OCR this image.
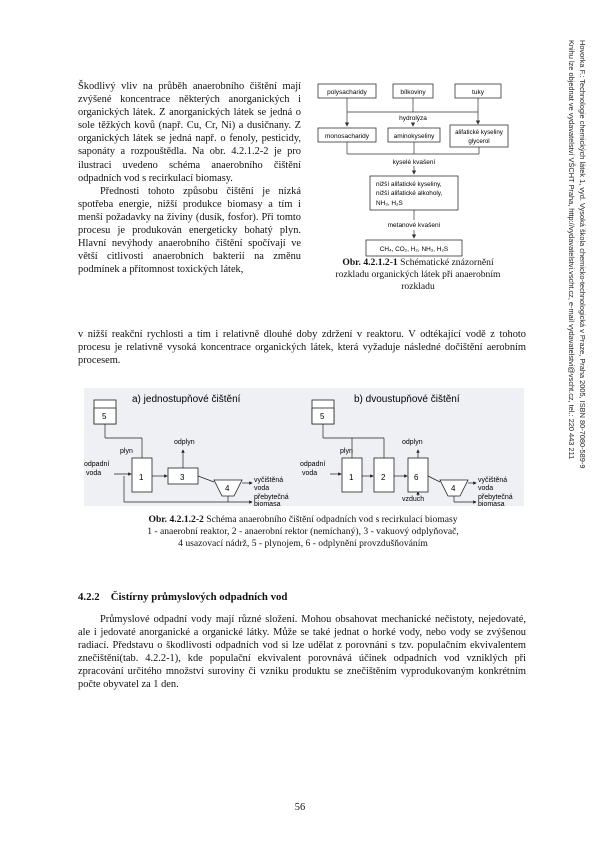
Hovorka F.: Technologie chemických látek 1, vyd. Vysoká škola chemicko-technologická v Praze, Praha 2005, ISBN 80-7080-589-9
Knihu lze objednat ve vydavatelství VŠCHT Praha, http://vydavatelstvi.vscht.cz, e-mail vydavatelstvi@vscht.cz, tel.: 220 443 211

Škodlivý vliv na průběh anaerobního čištění mají zvýšené koncentrace některých anorganických i organických látek. Z anorganických látek se jedná o sole těžkých kovů (např. Cu, Cr, Ni) a dusičnany. Z organických látek se jedná např. o fenoly, pesticidy, saponáty a rozpouštědla. Na obr. 4.2.1.2-2 je pro ilustraci uvedeno schéma anaerobního čištění odpadních vod s recirkulací biomasy.

Přednosti tohoto způsobu čištění je nízká spotřeba energie, nižší produkce biomasy a tím i menší požadavky na živiny (dusík, fosfor). Při tomto procesu je produkován energeticky bohatý plyn. Hlavní nevýhody anaerobního čištění spočívají ve větší citlivosti anaerobních bakterií na změnu podmínek a přítomnost toxických látek,

polysacharidy	bílkoviny	tuky
hydrolýza
monosacharidy	aminokyseliny
alifatické kyseliny
glycerol
kyselé kvašení
nižší alifatické kyseliny,
nižší alifatické alkoholy,
NH₃, H₂S
metanové kvašení
CH₄, CO₂, H₂, NH₃, H₂S
Obr. 4.2.1.2-1 Schématické znázornění
rozkladu organických látek při anaerobním
rozkladu

v nižší reakční rychlosti a tím i relativně dlouhé doby zdržení v reaktoru. V odtékající vodě z tohoto procesu je relativně vysoká koncentrace organických látek, která vyžaduje následné dočištění aerobním procesem.

a) jednostupňové čištění
5
plyn
1
odpadní
voda	3
odplyn
4
vyčištěná
voda
přebytečná
biomasa
b) dvoustupňové čištění
5
plyn
1
odpadní
voda	2	6
odplyn
vzduch
4
vyčištěná
voda
přebytečná
biomasa
Obr. 4.2.1.2-2 Schéma anaerobního čištění odpadních vod s recirkulací biomasy
1 - anaerobní reaktor, 2 - anaerobní rektor (nemíchaný), 3 - vakuový odplyňovač,
4 usazovací nádrž, 5 - plynojem, 6 - odplynění provzdušňováním
4.2.2 Čistírny průmyslových odpadních vod

Průmyslové odpadní vody mají různé složení. Mohou obsahovat mechanické nečistoty, nejedovaté, ale i jedovaté anorganické a organické látky. Může se také jednat o horké vody, nebo vody se zvýšenou radiací. Představu o škodlivosti odpadních vod si lze udělat z porovnání s tzv. populačním ekvivalentem znečištění(tab. 4.2.2-1), kde populační ekvivalent porovnává účinek odpadních vod vzniklých při zpracování určitého množství suroviny či vzniku produktu se znečištěním vyprodukovaným konkrétním počte obyvatel za 1 den.

56
